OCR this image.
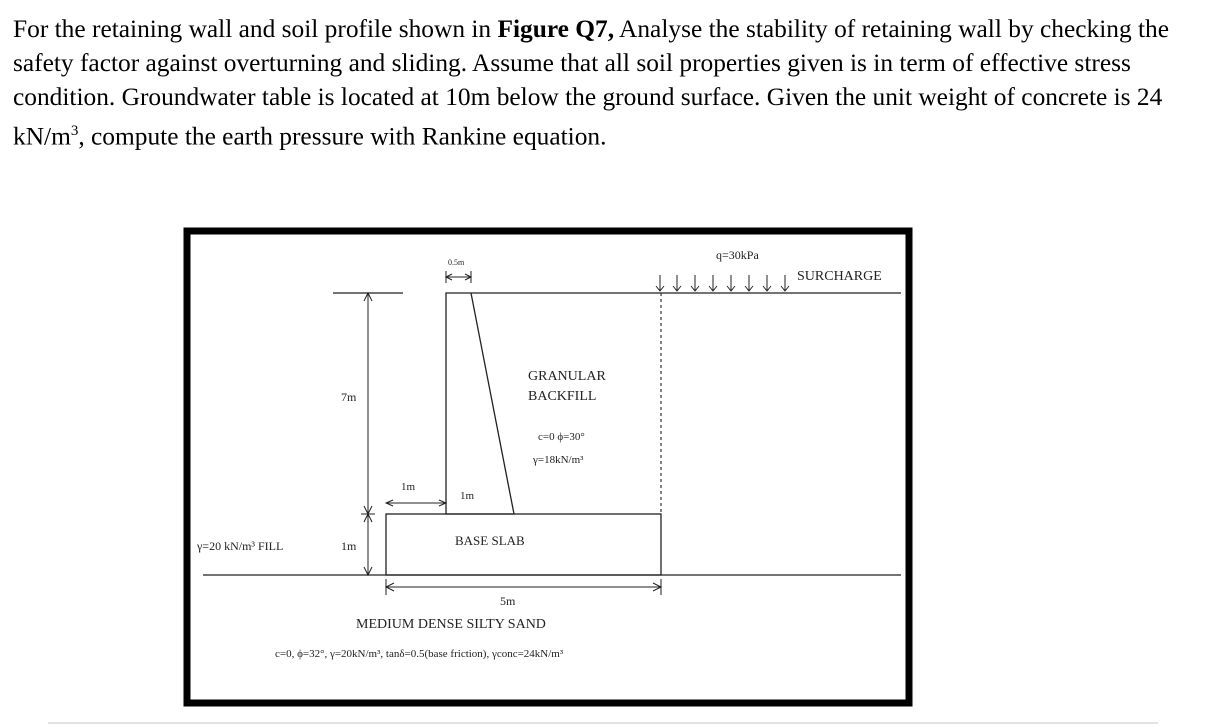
For the retaining wall and soil profile shown in Figure Q7, Analyse the stability of retaining wall by checking the safety factor against overturning and sliding. Assume that all soil properties given is in term of effective stress condition. Groundwater table is located at 10m below the ground surface. Given the unit weight of concrete is 24 $kN/m^3$, compute the earth pressure with Rankine equation.

0.5m
q=30kPa
SURCHARGE
7m
GRANULAR
BACKFILL
c=0 ϕ=30°
γ=18kN/m³
1m
1m
γ=20 kN/m³ FILL	1m	BASE SLAB
5m
MEDIUM DENSE SILTY SAND
c=0, ϕ=32°, γ=20kN/m³, tanδ=0.5(base friction), γconc=24kN/m³
